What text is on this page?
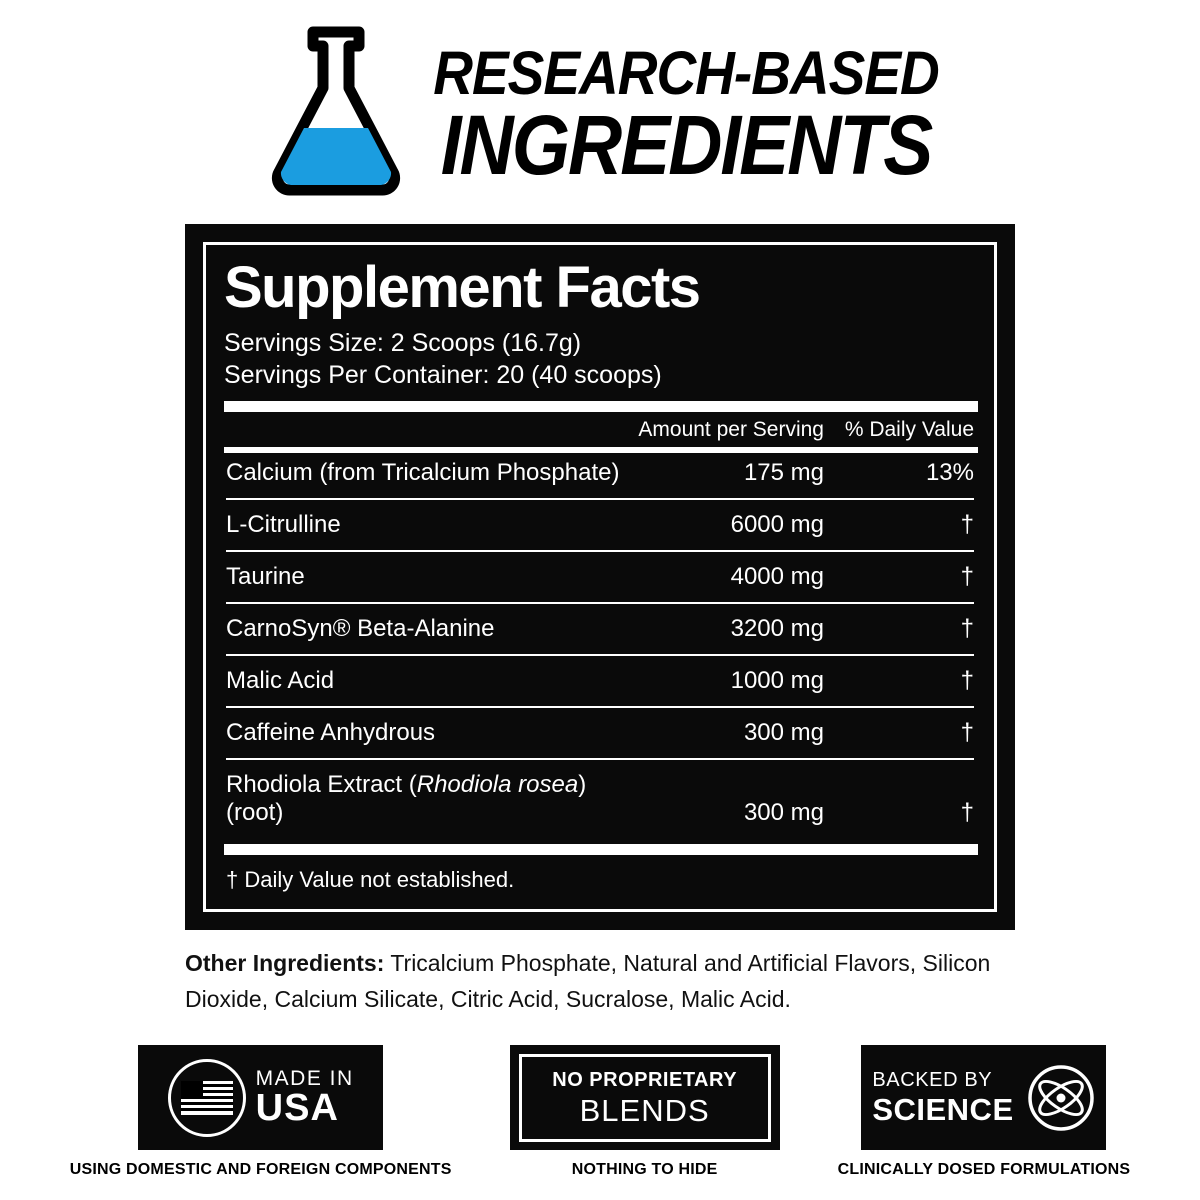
RESEARCH-BASED
INGREDIENTS
Supplement Facts
Servings Size: 2 Scoops (16.7g)
Servings Per Container: 20 (40 scoops)
	Amount per Serving	% Daily Value
Calcium (from Tricalcium Phosphate)	175 mg	13%

L-Citrulline	6000 mg	†

Taurine	4000 mg	†

CarnoSyn® Beta-Alanine	3200 mg	†

Malic Acid	1000 mg	†

Caffeine Anhydrous	300 mg	†

Rhodiola Extract (Rhodiola rosea) (root)	300 mg	†
† Daily Value not established.
Other Ingredients: Tricalcium Phosphate, Natural and Artificial Flavors, Silicon Dioxide, Calcium Silicate, Citric Acid, Sucralose, Malic Acid.
MADE IN
USA
USING DOMESTIC AND FOREIGN COMPONENTS
NO PROPRIETARY
BLENDS
NOTHING TO HIDE
BACKED BY
SCIENCE
CLINICALLY DOSED FORMULATIONS
